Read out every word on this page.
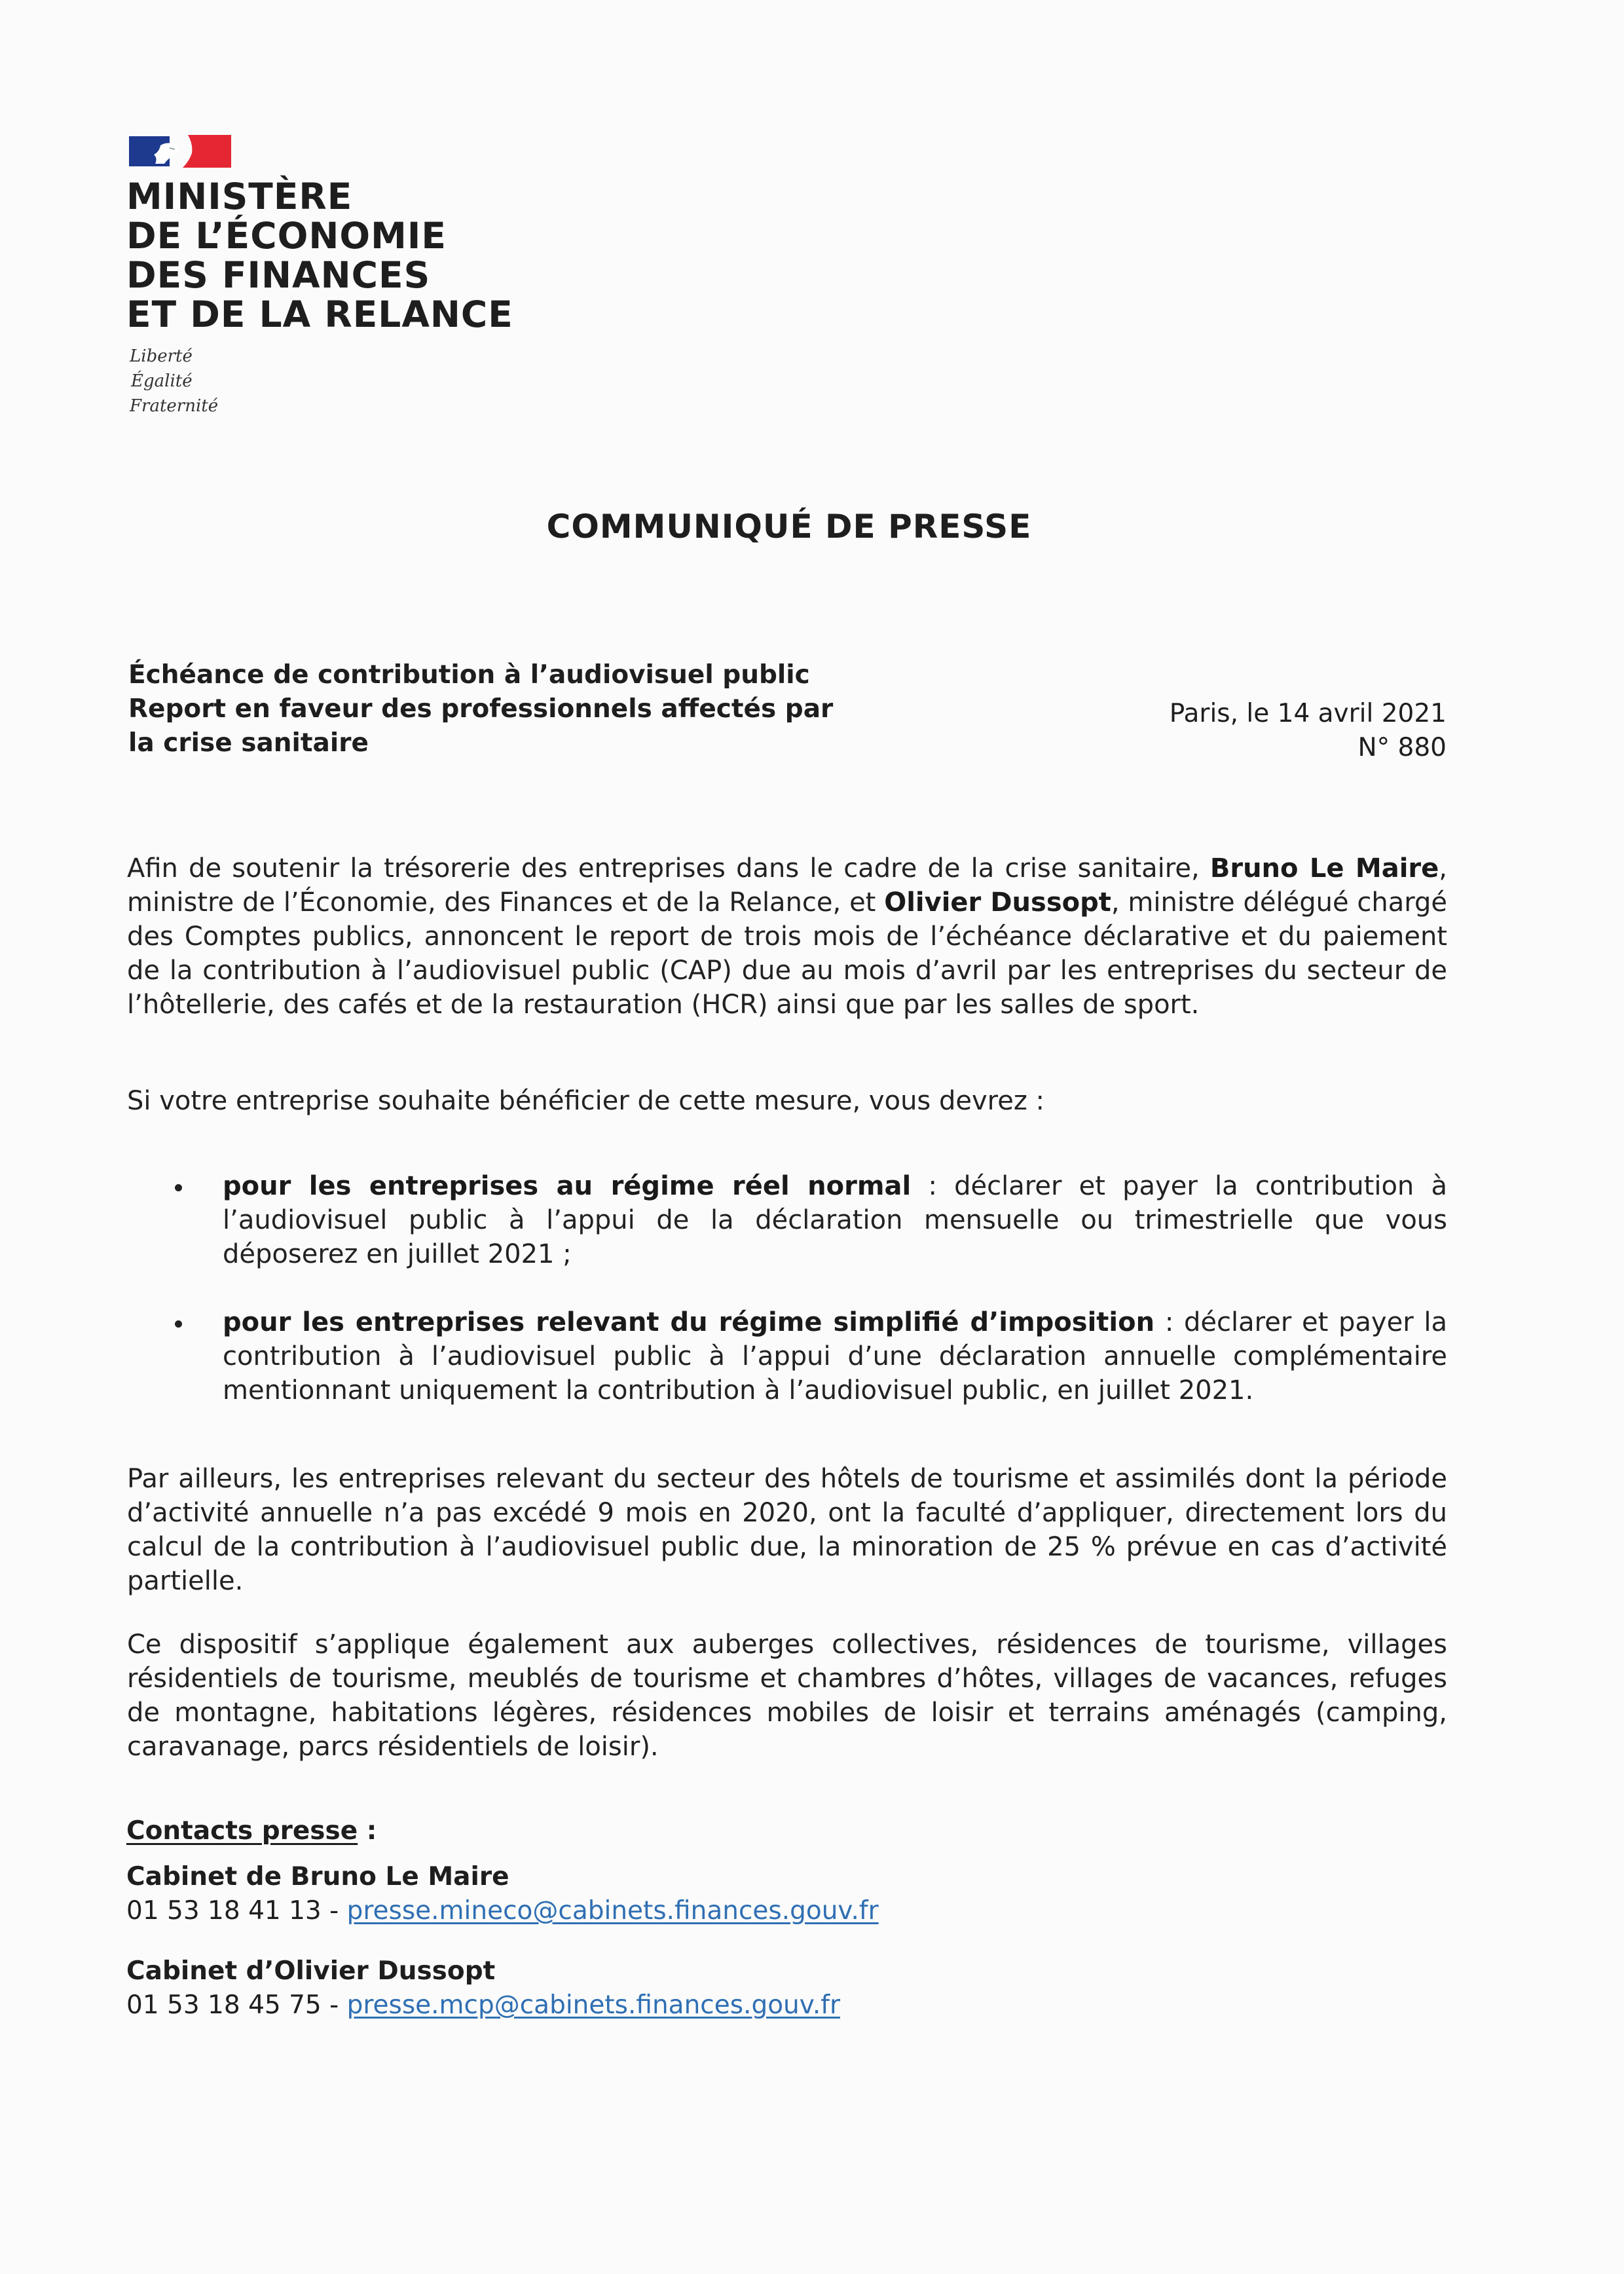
MINISTÈRE
DE L’ÉCONOMIE
DES FINANCES
ET DE LA RELANCE
Liberté
Égalité
Fraternité
COMMUNIQUÉ DE PRESSE
Échéance de contribution à l’audiovisuel public
Report en faveur des professionnels affectés par
la crise sanitaire
Paris, le 14 avril 2021
N° 880
Afin de soutenir la trésorerie des entreprises dans le cadre de la crise sanitaire, Bruno Le Maire, ministre de l’Économie, des Finances et de la Relance, et Olivier Dussopt, ministre délégué chargé des Comptes publics, annoncent le report de trois mois de l’échéance déclarative et du paiement de la contribution à l’audiovisuel public (CAP) due au mois d’avril par les entreprises du secteur de l’hôtellerie, des cafés et de la restauration (HCR) ainsi que par les salles de sport.
Si votre entreprise souhaite bénéficier de cette mesure, vous devrez :
pour les entreprises au régime réel normal : déclarer et payer la contribution à l’audiovisuel public à l’appui de la déclaration mensuelle ou trimestrielle que vous déposerez en juillet 2021 ;
pour les entreprises relevant du régime simplifié d’imposition : déclarer et payer la contribution à l’audiovisuel public à l’appui d’une déclaration annuelle complémentaire mentionnant uniquement la contribution à l’audiovisuel public, en juillet 2021.
Par ailleurs, les entreprises relevant du secteur des hôtels de tourisme et assimilés dont la période d’activité annuelle n’a pas excédé 9 mois en 2020, ont la faculté d’appliquer, directement lors du calcul de la contribution à l’audiovisuel public due, la minoration de 25 % prévue en cas d’activité partielle.
Ce dispositif s’applique également aux auberges collectives, résidences de tourisme, villages résidentiels de tourisme, meublés de tourisme et chambres d’hôtes, villages de vacances, refuges de montagne, habitations légères, résidences mobiles de loisir et terrains aménagés (camping, caravanage, parcs résidentiels de loisir).
Contacts presse :
Cabinet de Bruno Le Maire
01 53 18 41 13 - presse.mineco@cabinets.finances.gouv.fr
Cabinet d’Olivier Dussopt
01 53 18 45 75 - presse.mcp@cabinets.finances.gouv.fr
